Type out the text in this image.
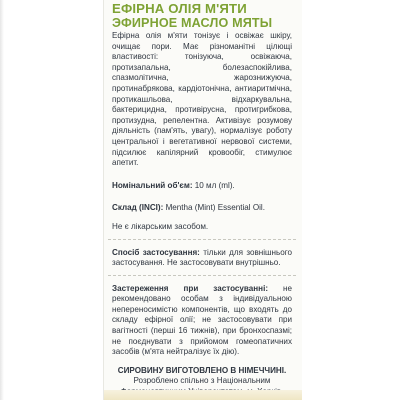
ЕФІРНА ОЛІЯ М'ЯТИ
ЭФИРНОЕ МАСЛО МЯТЫ

Ефірна олія м'яти тонізує і освіжає шкіру, очищає пори. Має різноманітні цілющі властивості: тонізуюча, освіжаюча, протизапальна, болезаспокійлива, спазмолітична, жарознижуюча, протинабрякова, кардіотонічна, антиаритмічна, протикашльова, відхаркувальна, бактерицидна, противірусна, протигрибкова, протизудна, репелентна. Активізує розумову діяльність (пам'ять, увагу), нормалізує роботу центральної і вегетативної нервової системи, підсилює капілярний кровообіг, стимулює апетит.

Номінальний об'єм: 10 мл (ml).

Склад (INCI): Mentha (Mint) Essential Oil.

Не є лікарським засобом.

Спосіб застосування: тільки для зовнішнього застосування. Не застосовувати внутрішньо.

Застереження при застосуванні: не рекомендовано особам з індивідуальною непереносимістю компонентів, що входять до складу ефірної олії; не застосовувати при вагітності (перші 16 тижнів), при бронхоспазмі; не поєднувати з прийомом гомеопатичних засобів (м'ята нейтралізує їх дію).

СИРОВИНУ ВИГОТОВЛЕНО В НІМЕЧЧИНІ.

Розроблено спільно з Національним
